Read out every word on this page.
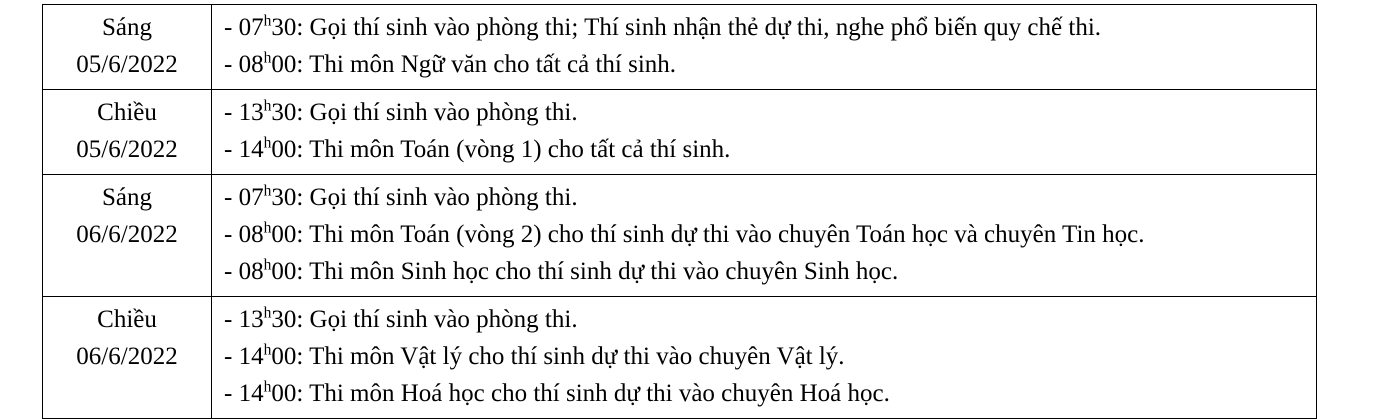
Sáng
05/6/2022	- 07$^h$30: Gọi thí sinh vào phòng thi; Thí sinh nhận thẻ dự thi, nghe phổ biến quy chế thi.
- 08$^h$00: Thi môn Ngữ văn cho tất cả thí sinh.

Chiều
05/6/2022	- 13$^h$30: Gọi thí sinh vào phòng thi.
- 14$^h$00: Thi môn Toán (vòng 1) cho tất cả thí sinh.

Sáng
06/6/2022	- 07$^h$30: Gọi thí sinh vào phòng thi.
- 08$^h$00: Thi môn Toán (vòng 2) cho thí sinh dự thi vào chuyên Toán học và chuyên Tin học.
- 08$^h$00: Thi môn Sinh học cho thí sinh dự thi vào chuyên Sinh học.

Chiều
06/6/2022	- 13$^h$30: Gọi thí sinh vào phòng thi.
- 14$^h$00: Thi môn Vật lý cho thí sinh dự thi vào chuyên Vật lý.
- 14$^h$00: Thi môn Hoá học cho thí sinh dự thi vào chuyên Hoá học.
